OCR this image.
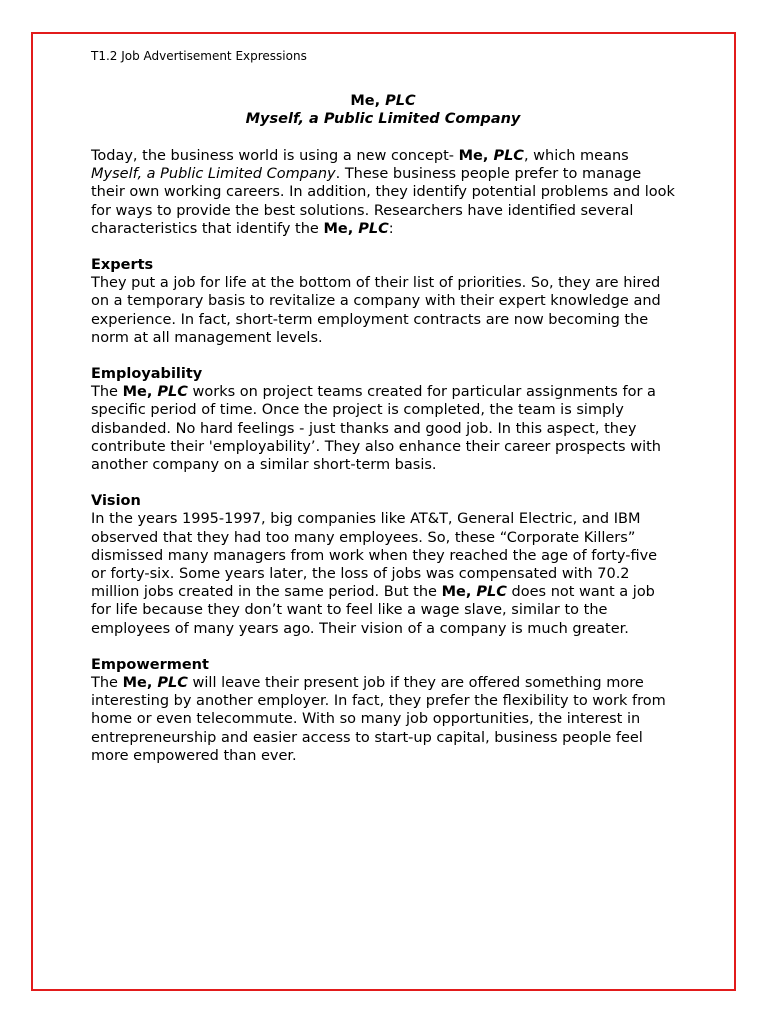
T1.2 Job Advertisement Expressions
Me, PLC
Myself, a Public Limited Company

Today, the business world is using a new concept- Me, PLC, which means Myself, a Public Limited Company. These business people prefer to manage their own working careers. In addition, they identify potential problems and look for ways to provide the best solutions. Researchers have identified several characteristics that identify the Me, PLC:

Experts

They put a job for life at the bottom of their list of priorities. So, they are hired on a temporary basis to revitalize a company with their expert knowledge and experience. In fact, short-term employment contracts are now becoming the norm at all management levels.

Employability

The Me, PLC works on project teams created for particular assignments for a specific period of time. Once the project is completed, the team is simply disbanded. No hard feelings - just thanks and good job. In this aspect, they contribute their 'employability’. They also enhance their career prospects with another company on a similar short-term basis.

Vision

In the years 1995-1997, big companies like AT&T, General Electric, and IBM observed that they had too many employees. So, these “Corporate Killers” dismissed many managers from work when they reached the age of forty-five or forty-six. Some years later, the loss of jobs was compensated with 70.2 million jobs created in the same period. But the Me, PLC does not want a job for life because they don’t want to feel like a wage slave, similar to the employees of many years ago. Their vision of a company is much greater.

Empowerment

The Me, PLC will leave their present job if they are offered something more interesting by another employer. In fact, they prefer the flexibility to work from home or even telecommute. With so many job opportunities, the interest in entrepreneurship and easier access to start-up capital, business people feel more empowered than ever.
